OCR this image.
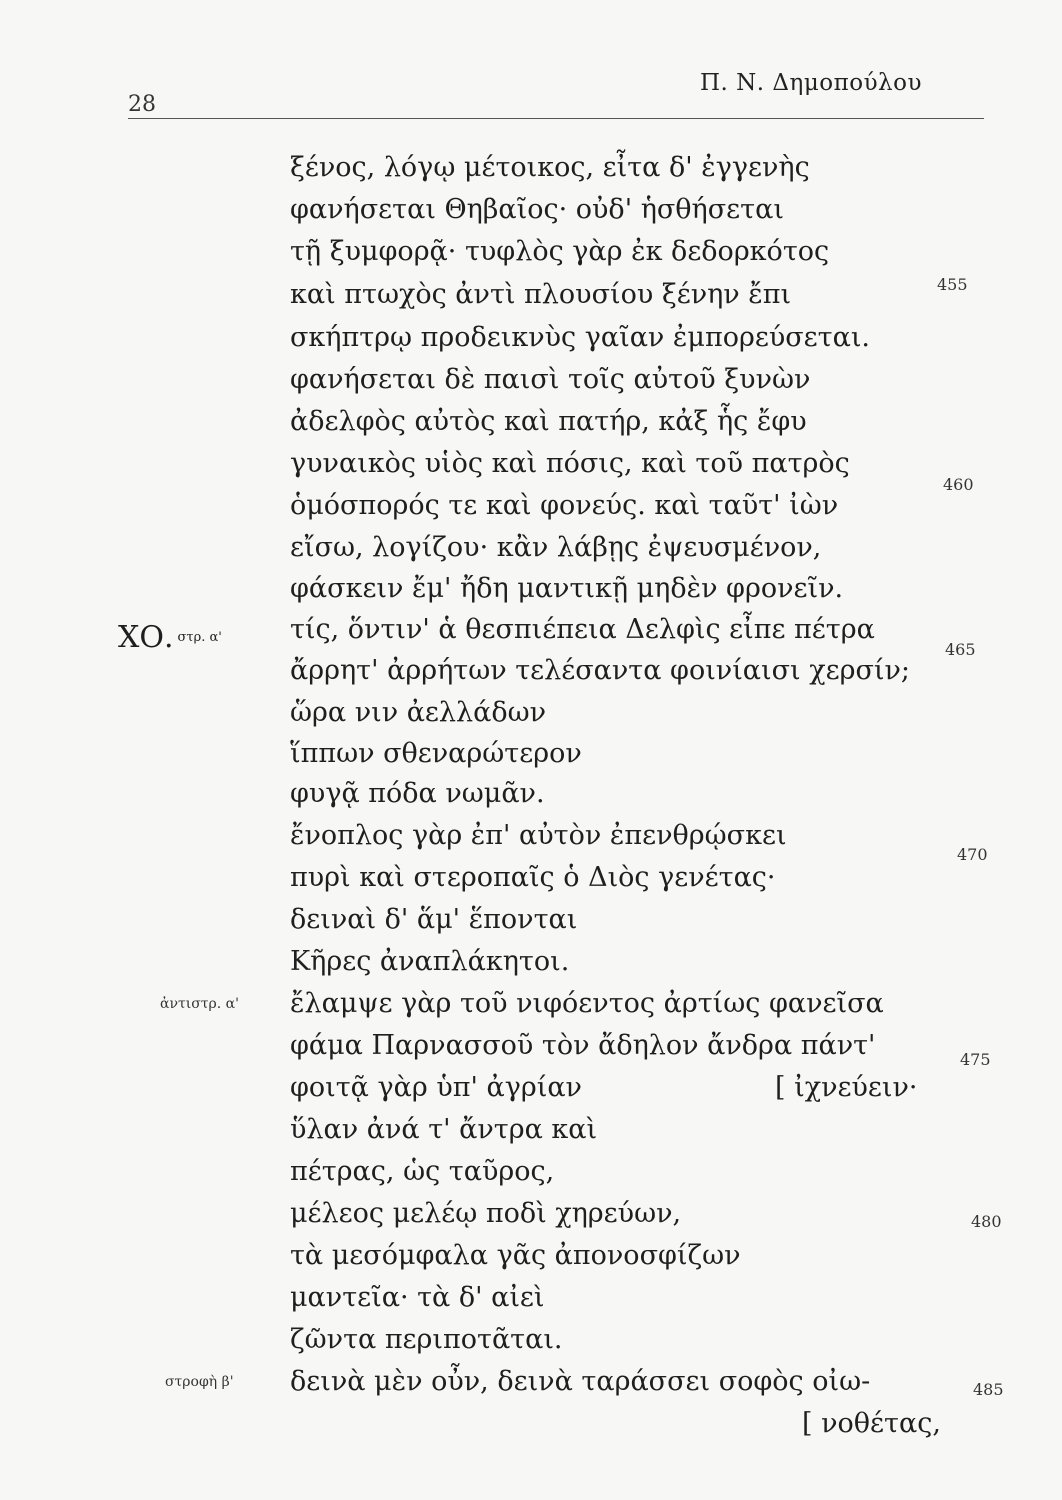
28
Π. Ν. Δημοπούλου
ξένος, λόγῳ μέτοικος, εἶτα δ' ἐγγενὴς
φανήσεται Θηβαῖος· οὐδ' ἡσθήσεται
τῇ ξυμφορᾷ· τυφλὸς γὰρ ἐκ δεδορκότος
καὶ πτωχὸς ἀντὶ πλουσίου ξένην ἔπι
σκήπτρῳ προδεικνὺς γαῖαν ἐμπορεύσεται.
φανήσεται δὲ παισὶ τοῖς αὐτοῦ ξυνὼν
ἀδελφὸς αὐτὸς καὶ πατήρ, κἀξ ἧς ἔφυ
γυναικὸς υἱὸς καὶ πόσις, καὶ τοῦ πατρὸς
ὁμόσπορός τε καὶ φονεύς. καὶ ταῦτ' ἰὼν
εἴσω, λογίζου· κἂν λάβῃς ἐψευσμένον,
φάσκειν ἔμ' ἤδη μαντικῇ μηδὲν φρονεῖν.
τίς, ὅντιν' ἁ θεσπιέπεια Δελφὶς εἶπε πέτρα
ἄρρητ' ἀρρήτων τελέσαντα φοινίαισι χερσίν;
ὥρα νιν ἀελλάδων
ἵππων σθεναρώτερον
φυγᾷ πόδα νωμᾶν.
ἔνοπλος γὰρ ἐπ' αὐτὸν ἐπενθρῴσκει
πυρὶ καὶ στεροπαῖς ὁ Διὸς γενέτας·
δειναὶ δ' ἅμ' ἕπονται
Κῆρες ἀναπλάκητοι.
ἔλαμψε γὰρ τοῦ νιφόεντος ἀρτίως φανεῖσα
φάμα Παρνασσοῦ τὸν ἄδηλον ἄνδρα πάντ'
φοιτᾷ γὰρ ὑπ' ἀγρίαν
ὕλαν ἀνά τ' ἄντρα καὶ
πέτρας, ὡς ταῦρος,
μέλεος μελέῳ ποδὶ χηρεύων,
τὰ μεσόμφαλα γᾶς ἀπονοσφίζων
μαντεῖα· τὰ δ' αἰεὶ
ζῶντα περιποτᾶται.
δεινὰ μὲν οὖν, δεινὰ ταράσσει σοφὸς οἰω-
[ ἰχνεύειν·
[ νοθέτας,
ΧΟ. $^{\sigma\tau\rho. \alpha'}$
ἀντιστρ. α'
στροφὴ β'
455
460
465
470
475
480
485
